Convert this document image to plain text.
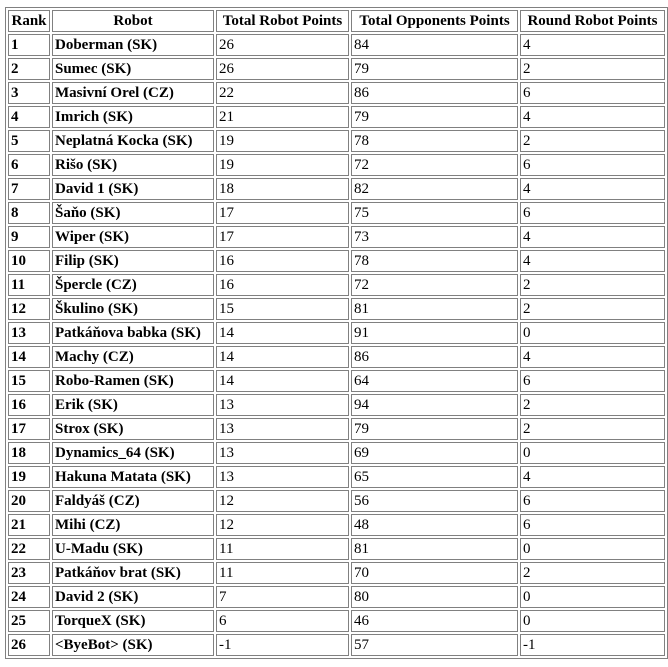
Rank	Robot	Total Robot Points	Total Opponents Points	Round Robot Points
1	Doberman (SK)	26	84	4
2	Sumec (SK)	26	79	2
3	Masivní Orel (CZ)	22	86	6
4	Imrich (SK)	21	79	4
5	Neplatná Kocka (SK)	19	78	2
6	Rišo (SK)	19	72	6
7	David 1 (SK)	18	82	4
8	Šaňo (SK)	17	75	6
9	Wiper (SK)	17	73	4
10	Filip (SK)	16	78	4
11	Špercle (CZ)	16	72	2
12	Škulino (SK)	15	81	2
13	Patkáňova babka (SK)	14	91	0
14	Machy (CZ)	14	86	4
15	Robo-Ramen (SK)	14	64	6
16	Erik (SK)	13	94	2
17	Strox (SK)	13	79	2
18	Dynamics_64 (SK)	13	69	0
19	Hakuna Matata (SK)	13	65	4
20	Faldyáš (CZ)	12	56	6
21	Mihi (CZ)	12	48	6
22	U-Madu (SK)	11	81	0
23	Patkáňov brat (SK)	11	70	2
24	David 2 (SK)	7	80	0
25	TorqueX (SK)	6	46	0
26	<ByeBot> (SK)	-1	57	-1
